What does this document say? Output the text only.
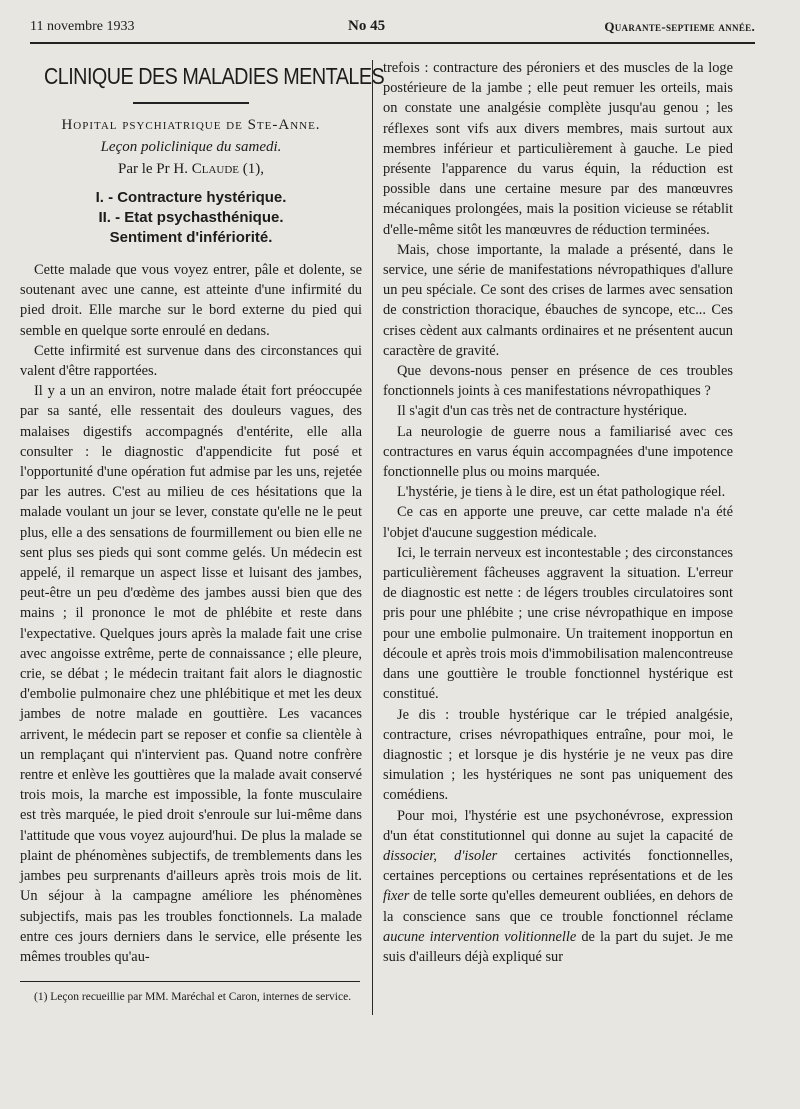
11 novembre 1933	No 45	Quarante-septieme année.
CLINIQUE DES MALADIES MENTALES
Hopital psychiatrique de Ste-Anne.
Leçon policlinique du samedi.
Par le Pr H. Claude (1),
I. - Contracture hystérique.
II. - Etat psychasthénique.
Sentiment d'infériorité.

Cette malade que vous voyez entrer, pâle et dolente, se soutenant avec une canne, est atteinte d'une infirmité du pied droit. Elle marche sur le bord externe du pied qui semble en quelque sorte enroulé en dedans.

Cette infirmité est survenue dans des circonstances qui valent d'être rapportées.

Il y a un an environ, notre malade était fort préoccupée par sa santé, elle ressentait des douleurs vagues, des malaises digestifs accompagnés d'entérite, elle alla consulter : le diagnostic d'appendicite fut posé et l'opportunité d'une opération fut admise par les uns, rejetée par les autres. C'est au milieu de ces hésitations que la malade voulant un jour se lever, constate qu'elle ne le peut plus, elle a des sensations de fourmillement ou bien elle ne sent plus ses pieds qui sont comme gelés. Un médecin est appelé, il remarque un aspect lisse et luisant des jambes, peut-être un peu d'œdème des jambes aussi bien que des mains ; il prononce le mot de phlébite et reste dans l'expectative. Quelques jours après la malade fait une crise avec angoisse extrême, perte de connaissance ; elle pleure, crie, se débat ; le médecin traitant fait alors le diagnostic d'embolie pulmonaire chez une phlébitique et met les deux jambes de notre malade en gouttière. Les vacances arrivent, le médecin part se reposer et confie sa clientèle à un remplaçant qui n'intervient pas. Quand notre confrère rentre et enlève les gouttières que la malade avait conservé trois mois, la marche est impossible, la fonte musculaire est très marquée, le pied droit s'enroule sur lui-même dans l'attitude que vous voyez aujourd'hui. De plus la malade se plaint de phénomènes subjectifs, de tremblements dans les jambes peu surprenants d'ailleurs après trois mois de lit. Un séjour à la campagne améliore les phénomènes subjectifs, mais pas les troubles fonctionnels. La malade entre ces jours derniers dans le service, elle présente les mêmes troubles qu'au-

(1) Leçon recueillie par MM. Maréchal et Caron, internes de service.

trefois : contracture des péroniers et des muscles de la loge postérieure de la jambe ; elle peut remuer les orteils, mais on constate une analgésie complète jusqu'au genou ; les réflexes sont vifs aux divers membres, mais surtout aux membres inférieur et particulièrement à gauche. Le pied présente l'apparence du varus équin, la réduction est possible dans une certaine mesure par des manœuvres mécaniques prolongées, mais la position vicieuse se rétablit d'elle-même sitôt les manœuvres de réduction terminées.

Mais, chose importante, la malade a présenté, dans le service, une série de manifestations névropathiques d'allure un peu spéciale. Ce sont des crises de larmes avec sensation de constriction thoracique, ébauches de syncope, etc... Ces crises cèdent aux calmants ordinaires et ne présentent aucun caractère de gravité.

Que devons-nous penser en présence de ces troubles fonctionnels joints à ces manifestations névropathiques ?

Il s'agit d'un cas très net de contracture hystérique.

La neurologie de guerre nous a familiarisé avec ces contractures en varus équin accompagnées d'une impotence fonctionnelle plus ou moins marquée.

L'hystérie, je tiens à le dire, est un état pathologique réel.

Ce cas en apporte une preuve, car cette malade n'a été l'objet d'aucune suggestion médicale.

Ici, le terrain nerveux est incontestable ; des circonstances particulièrement fâcheuses aggravent la situation. L'erreur de diagnostic est nette : de légers troubles circulatoires sont pris pour une phlébite ; une crise névropathique en impose pour une embolie pulmonaire. Un traitement inopportun en découle et après trois mois d'immobilisation malencontreuse dans une gouttière le trouble fonctionnel hystérique est constitué.

Je dis : trouble hystérique car le trépied analgésie, contracture, crises névropathiques entraîne, pour moi, le diagnostic ; et lorsque je dis hystérie je ne veux pas dire simulation ; les hystériques ne sont pas uniquement des comédiens.

Pour moi, l'hystérie est une psychonévrose, expression d'un état constitutionnel qui donne au sujet la capacité de dissocier, d'isoler certaines activités fonctionnelles, certaines perceptions ou certaines représentations et de les fixer de telle sorte qu'elles demeurent oubliées, en dehors de la conscience sans que ce trouble fonctionnel réclame aucune intervention volitionnelle de la part du sujet. Je me suis d'ailleurs déjà expliqué sur
